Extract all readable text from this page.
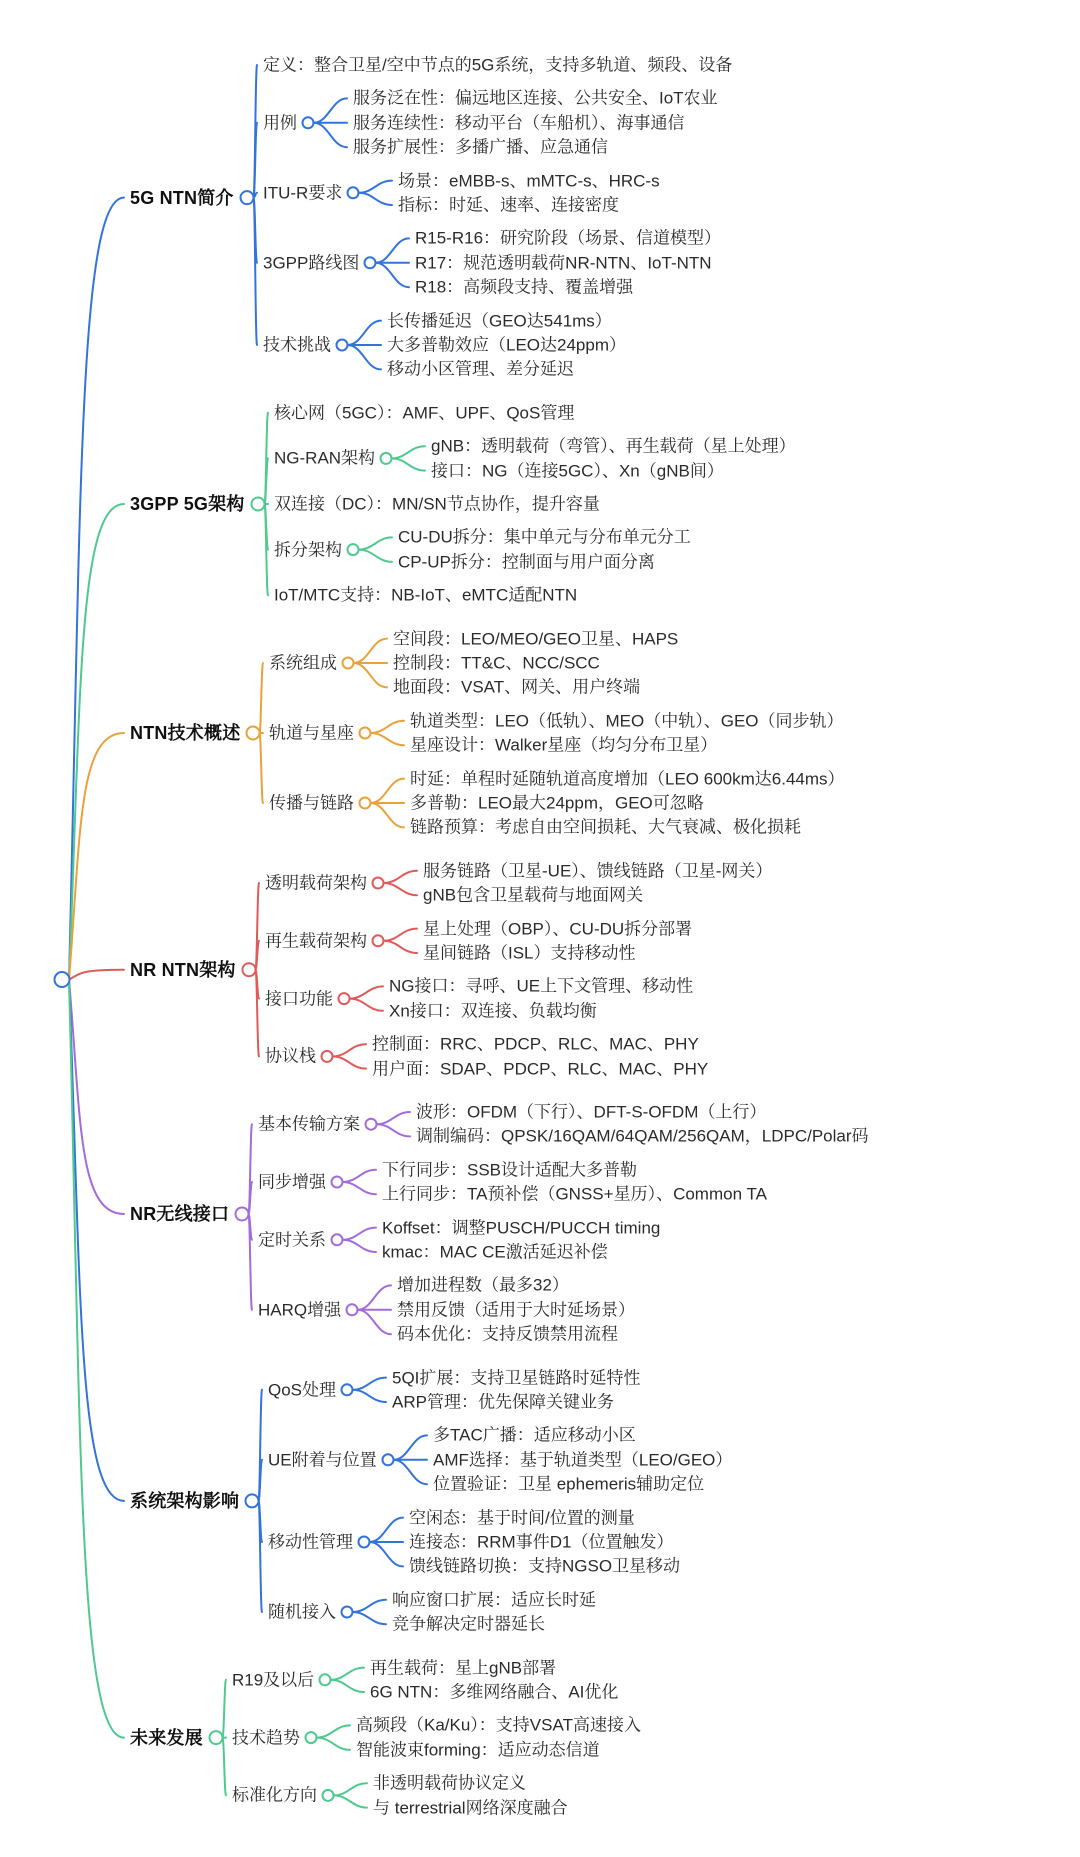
5G NTN简介
定义：整合卫星/空中节点的5G系统，支持多轨道、频段、设备
用例
服务泛在性：偏远地区连接、公共安全、IoT农业
服务连续性：移动平台（车船机）、海事通信
服务扩展性：多播广播、应急通信
ITU-R要求
场景：eMBB-s、mMTC-s、HRC-s
指标：时延、速率、连接密度
3GPP路线图
R15-R16：研究阶段（场景、信道模型）
R17：规范透明载荷NR-NTN、IoT-NTN
R18：高频段支持、覆盖增强
技术挑战
长传播延迟（GEO达541ms）
大多普勒效应（LEO达24ppm）
移动小区管理、差分延迟
3GPP 5G架构
核心网（5GC）：AMF、UPF、QoS管理
NG-RAN架构
gNB：透明载荷（弯管）、再生载荷（星上处理）
接口：NG（连接5GC）、Xn（gNB间）
双连接（DC）：MN/SN节点协作，提升容量
拆分架构
CU-DU拆分：集中单元与分布单元分工
CP-UP拆分：控制面与用户面分离
IoT/MTC支持：NB-IoT、eMTC适配NTN
NTN技术概述
系统组成
空间段：LEO/MEO/GEO卫星、HAPS
控制段：TT&C、NCC/SCC
地面段：VSAT、网关、用户终端
轨道与星座
轨道类型：LEO（低轨）、MEO（中轨）、GEO（同步轨）
星座设计：Walker星座（均匀分布卫星）
传播与链路
时延：单程时延随轨道高度增加（LEO 600km达6.44ms）
多普勒：LEO最大24ppm，GEO可忽略
链路预算：考虑自由空间损耗、大气衰减、极化损耗
NR NTN架构
透明载荷架构
服务链路（卫星-UE）、馈线链路（卫星-网关）
gNB包含卫星载荷与地面网关
再生载荷架构
星上处理（OBP）、CU-DU拆分部署
星间链路（ISL）支持移动性
接口功能
NG接口：寻呼、UE上下文管理、移动性
Xn接口：双连接、负载均衡
协议栈
控制面：RRC、PDCP、RLC、MAC、PHY
用户面：SDAP、PDCP、RLC、MAC、PHY
NR无线接口
基本传输方案
波形：OFDM（下行）、DFT-S-OFDM（上行）
调制编码：QPSK/16QAM/64QAM/256QAM，LDPC/Polar码
同步增强
下行同步：SSB设计适配大多普勒
上行同步：TA预补偿（GNSS+星历）、Common TA
定时关系
Koffset：调整PUSCH/PUCCH timing
kmac：MAC CE激活延迟补偿
HARQ增强
增加进程数（最多32）
禁用反馈（适用于大时延场景）
码本优化：支持反馈禁用流程
系统架构影响
QoS处理
5QI扩展：支持卫星链路时延特性
ARP管理：优先保障关键业务
UE附着与位置
多TAC广播：适应移动小区
AMF选择：基于轨道类型（LEO/GEO）
位置验证：卫星 ephemeris辅助定位
移动性管理
空闲态：基于时间/位置的测量
连接态：RRM事件D1（位置触发）
馈线链路切换：支持NGSO卫星移动
随机接入
响应窗口扩展：适应长时延
竞争解决定时器延长
未来发展
R19及以后
再生载荷：星上gNB部署
6G NTN：多维网络融合、AI优化
技术趋势
高频段（Ka/Ku）：支持VSAT高速接入
智能波束forming：适应动态信道
标准化方向
非透明载荷协议定义
与 terrestrial网络深度融合
